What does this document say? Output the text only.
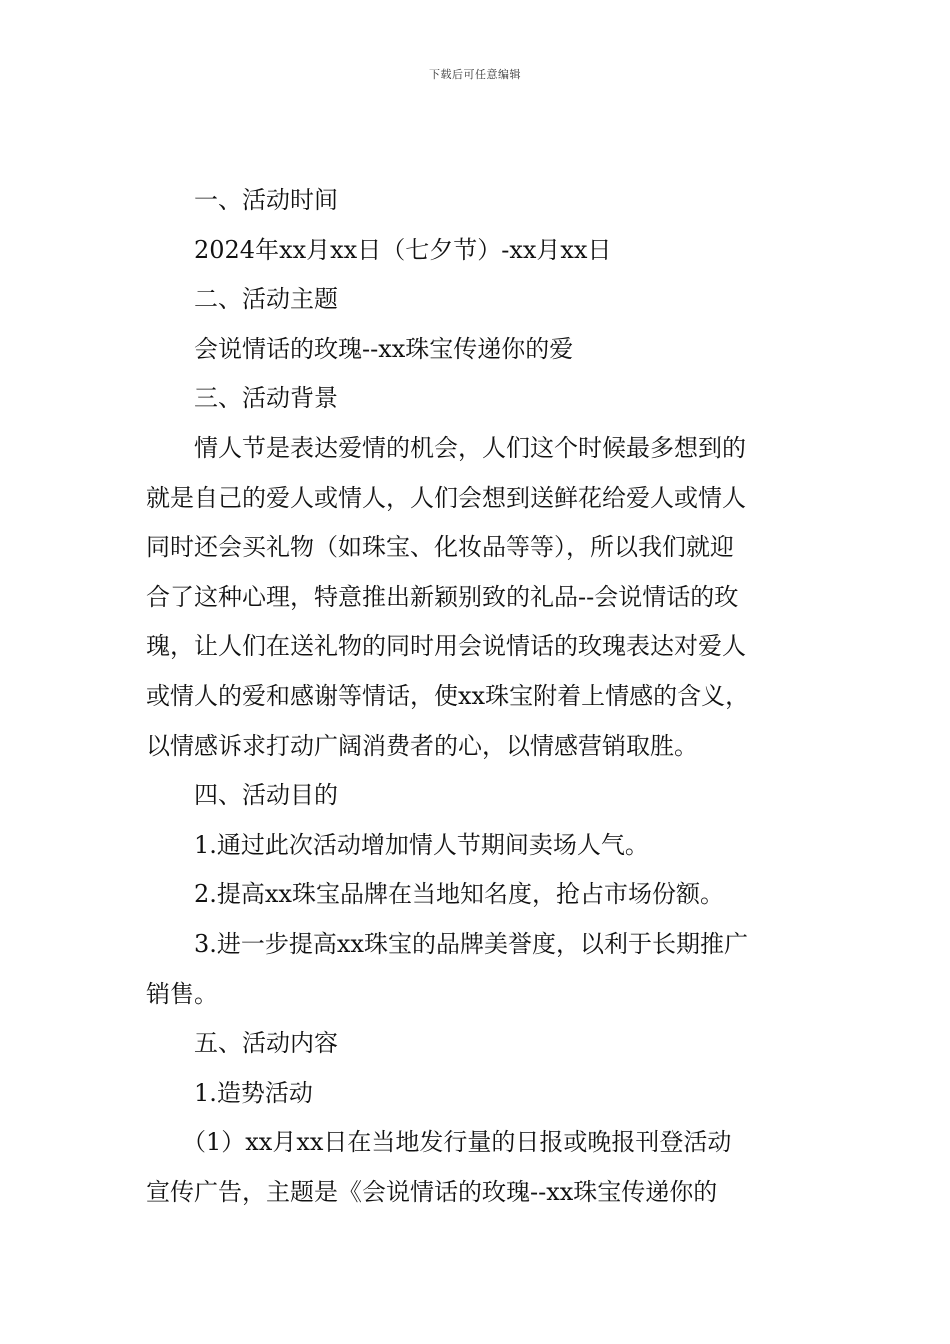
下载后可任意编辑

一、活动时间

2024年xx月xx日（七夕节）-xx月xx日

二、活动主题

会说情话的玫瑰--xx珠宝传递你的爱

三、活动背景

情人节是表达爱情的机会，人们这个时候最多想到的

就是自己的爱人或情人，人们会想到送鲜花给爱人或情人

同时还会买礼物（如珠宝、化妆品等等），所以我们就迎

合了这种心理，特意推出新颖别致的礼品--会说情话的玫

瑰，让人们在送礼物的同时用会说情话的玫瑰表达对爱人

或情人的爱和感谢等情话，使xx珠宝附着上情感的含义，

以情感诉求打动广阔消费者的心，以情感营销取胜。

四、活动目的

1.通过此次活动增加情人节期间卖场人气。

2.提高xx珠宝品牌在当地知名度，抢占市场份额。

3.进一步提高xx珠宝的品牌美誉度，以利于长期推广

销售。

五、活动内容

1.造势活动

（1）xx月xx日在当地发行量的日报或晚报刊登活动

宣传广告，主题是《会说情话的玫瑰--xx珠宝传递你的
